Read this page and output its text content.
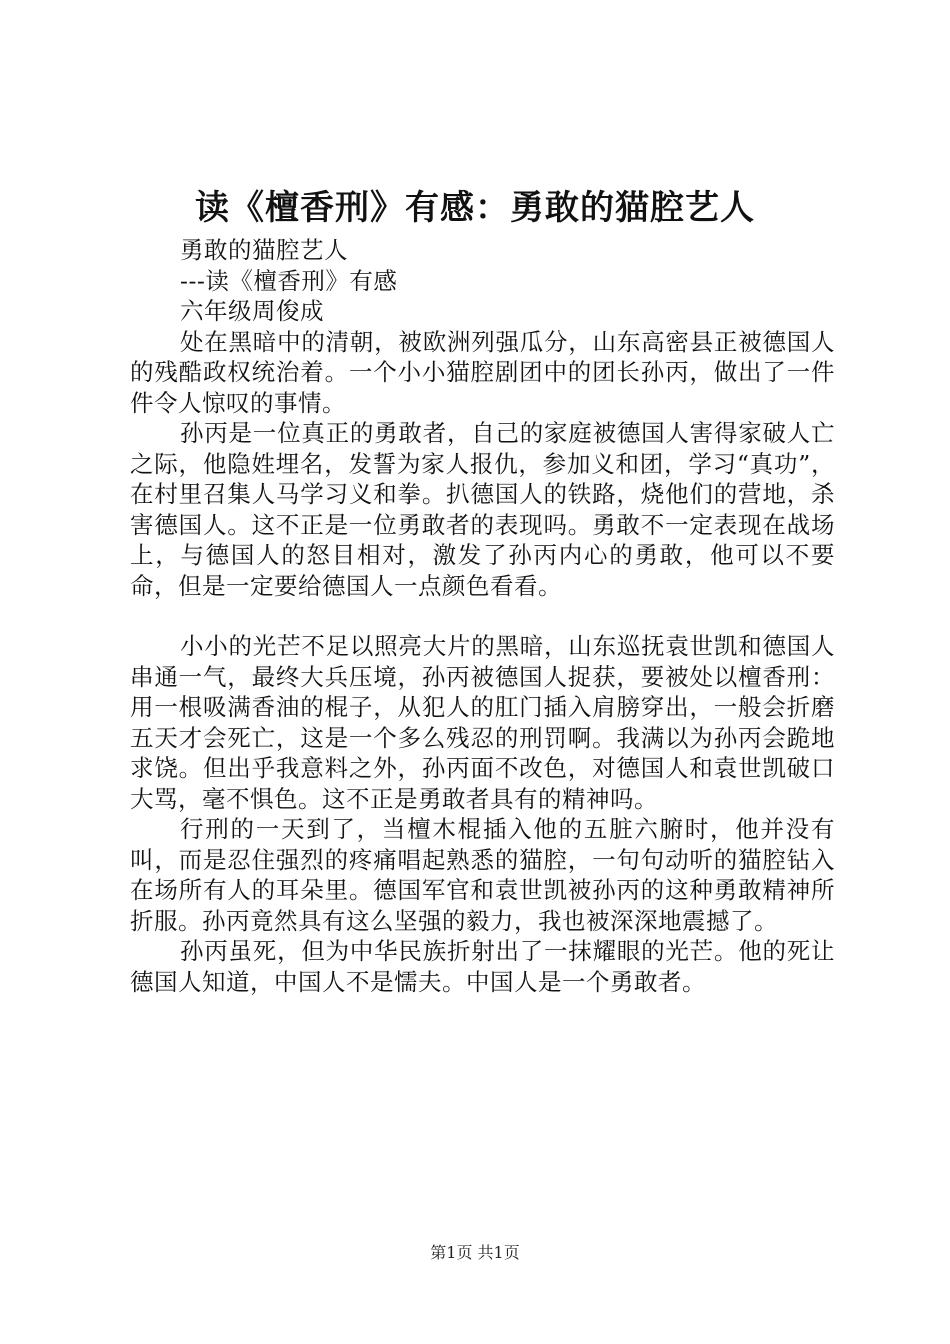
读《檀香刑》有感：勇敢的猫腔艺人

勇敢的猫腔艺人

---读《檀香刑》有感

六年级周俊成

处在黑暗中的清朝，被欧洲列强瓜分，山东高密县正被德国人的残酷政权统治着。一个小小猫腔剧团中的团长孙丙，做出了一件件令人惊叹的事情。

孙丙是一位真正的勇敢者，自己的家庭被德国人害得家破人亡之际，他隐姓埋名，发誓为家人报仇，参加义和团，学习“真功”，在村里召集人马学习义和拳。扒德国人的铁路，烧他们的营地，杀害德国人。这不正是一位勇敢者的表现吗。勇敢不一定表现在战场上，与德国人的怒目相对，激发了孙丙内心的勇敢，他可以不要命，但是一定要给德国人一点颜色看看。

小小的光芒不足以照亮大片的黑暗，山东巡抚袁世凯和德国人串通一气，最终大兵压境，孙丙被德国人捉获，要被处以檀香刑：用一根吸满香油的棍子，从犯人的肛门插入肩膀穿出，一般会折磨五天才会死亡，这是一个多么残忍的刑罚啊。我满以为孙丙会跪地求饶。但出乎我意料之外，孙丙面不改色，对德国人和袁世凯破口大骂，毫不惧色。这不正是勇敢者具有的精神吗。

行刑的一天到了，当檀木棍插入他的五脏六腑时，他并没有叫，而是忍住强烈的疼痛唱起熟悉的猫腔，一句句动听的猫腔钻入在场所有人的耳朵里。德国军官和袁世凯被孙丙的这种勇敢精神所折服。孙丙竟然具有这么坚强的毅力，我也被深深地震撼了。

孙丙虽死，但为中华民族折射出了一抹耀眼的光芒。他的死让德国人知道，中国人不是懦夫。中国人是一个勇敢者。

第1页 共1页
